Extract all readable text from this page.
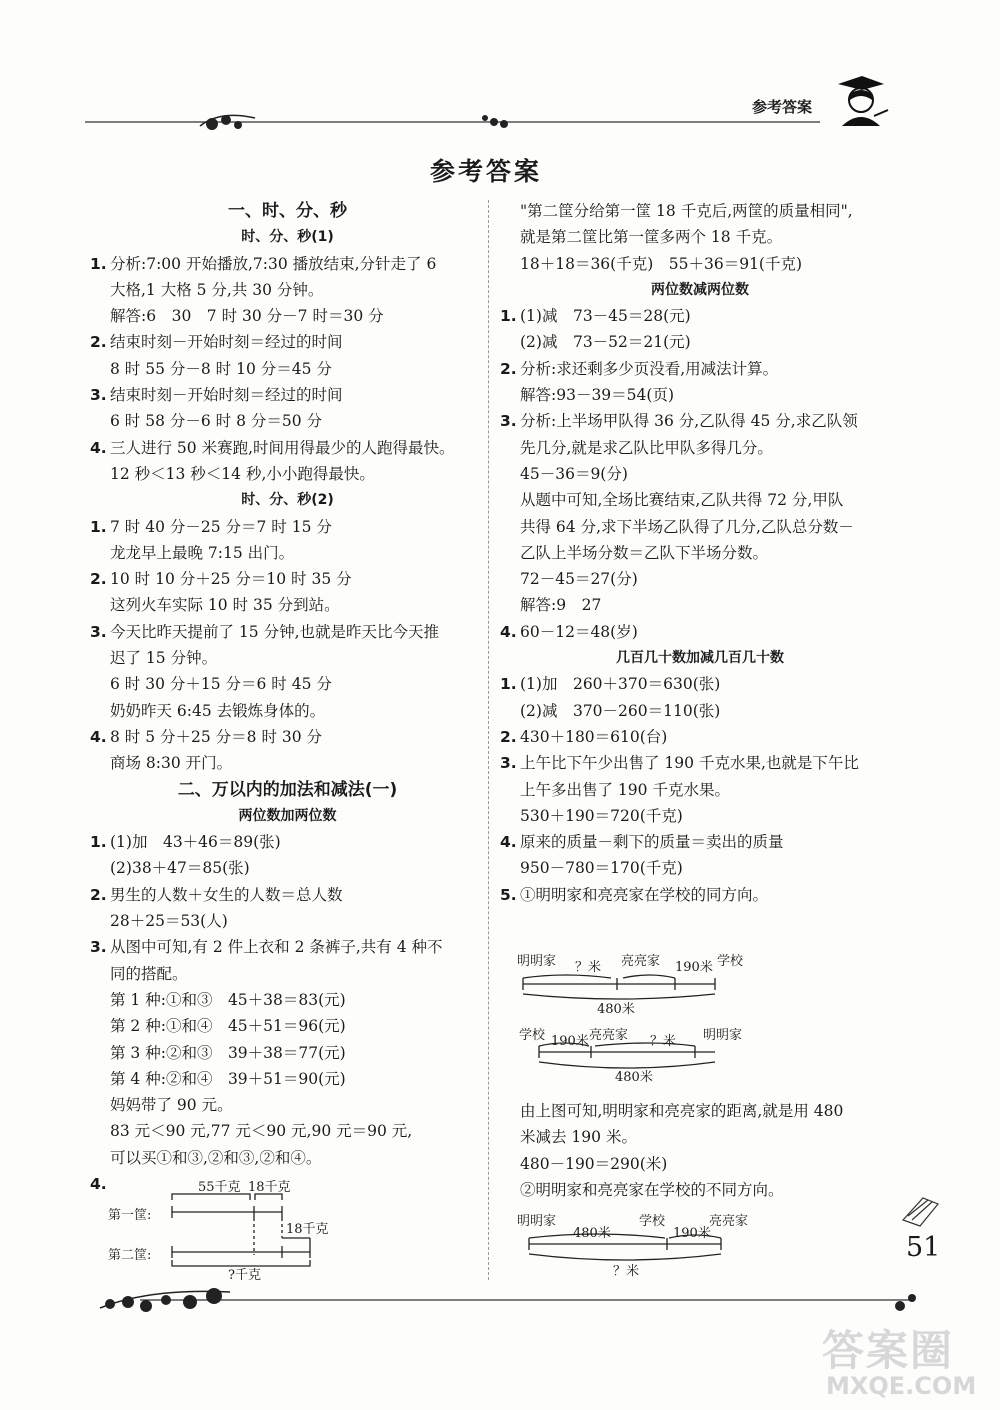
参考答案
参考答案
一、时、分、秒
时、分、秒(1)
1. 分析:7:00 开始播放,7:30 播放结束,分针走了 6
大格,1 大格 5 分,共 30 分钟。
解答:6　30　7 时 30 分－7 时＝30 分
2. 结束时刻－开始时刻＝经过的时间
8 时 55 分－8 时 10 分＝45 分
3. 结束时刻－开始时刻＝经过的时间
6 时 58 分－6 时 8 分＝50 分
4. 三人进行 50 米赛跑,时间用得最少的人跑得最快。
12 秒＜13 秒＜14 秒,小小跑得最快。
时、分、秒(2)
1. 7 时 40 分－25 分＝7 时 15 分
龙龙早上最晚 7:15 出门。
2. 10 时 10 分＋25 分＝10 时 35 分
这列火车实际 10 时 35 分到站。
3. 今天比昨天提前了 15 分钟,也就是昨天比今天推
迟了 15 分钟。
6 时 30 分＋15 分＝6 时 45 分
奶奶昨天 6:45 去锻炼身体的。
4. 8 时 5 分＋25 分＝8 时 30 分
商场 8:30 开门。
二、万以内的加法和减法(一)
两位数加两位数
1. (1)加　43＋46＝89(张)
(2)38＋47＝85(张)
2. 男生的人数＋女生的人数＝总人数
28＋25＝53(人)
3. 从图中可知,有 2 件上衣和 2 条裤子,共有 4 种不
同的搭配。
第 1 种:①和③　45＋38＝83(元)
第 2 种:①和④　45＋51＝96(元)
第 3 种:②和③　39＋38＝77(元)
第 4 种:②和④　39＋51＝90(元)
妈妈带了 90 元。
83 元＜90 元,77 元＜90 元,90 元＝90 元,
可以买①和③,②和③,②和④。
4.
第一筐:
第二筐:
55千克 18千克
18千克
?千克
"第二筐分给第一筐 18 千克后,两筐的质量相同",
就是第二筐比第一筐多两个 18 千克。
18＋18＝36(千克)　55＋36＝91(千克)
两位数减两位数
1. (1)减　73－45＝28(元)
(2)减　73－52＝21(元)
2. 分析:求还剩多少页没看,用减法计算。
解答:93－39＝54(页)
3. 分析:上半场甲队得 36 分,乙队得 45 分,求乙队领
先几分,就是求乙队比甲队多得几分。
45－36＝9(分)
从题中可知,全场比赛结束,乙队共得 72 分,甲队
共得 64 分,求下半场乙队得了几分,乙队总分数－
乙队上半场分数＝乙队下半场分数。
72－45＝27(分)
解答:9　27
4. 60－12＝48(岁)
几百几十数加减几百几十数
1. (1)加　260＋370＝630(张)
(2)减　370－260＝110(张)
2. 430＋180＝610(台)
3. 上午比下午少出售了 190 千克水果,也就是下午比
上午多出售了 190 千克水果。
530＋190＝720(千克)
4. 原来的质量－剩下的质量＝卖出的质量
950－780＝170(千克)
5. ①明明家和亮亮家在学校的同方向。
明明家 ？米 亮亮家 190米 学校
480米
学校 190米 亮亮家 ？米 明明家
480米
由上图可知,明明家和亮亮家的距离,就是用 480
米减去 190 米。
480－190＝290(米)
②明明家和亮亮家在学校的不同方向。
明明家
480米
学校
190米
亮亮家
？米
51
答案圈
MXQE.COM
